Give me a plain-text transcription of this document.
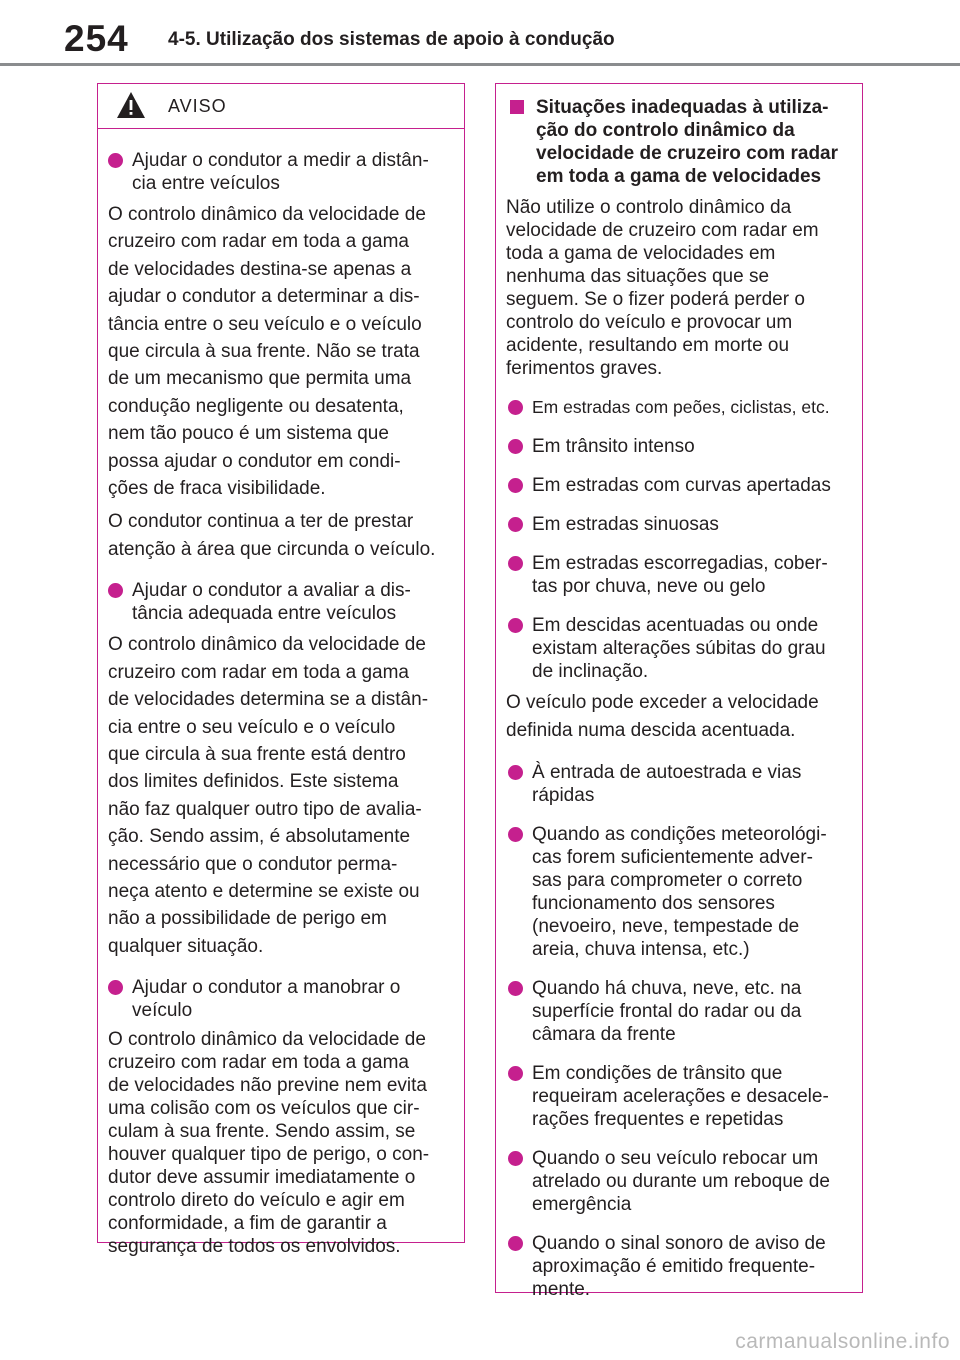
254 4-5. Utilização dos sistemas de apoio à condução
AVISO
Ajudar o condutor a medir a distân-
cia entre veículos
O controlo dinâmico da velocidade de
cruzeiro com radar em toda a gama
de velocidades destina-se apenas a
ajudar o condutor a determinar a dis-
tância entre o seu veículo e o veículo
que circula à sua frente. Não se trata
de um mecanismo que permita uma
condução negligente ou desatenta,
nem tão pouco é um sistema que
possa ajudar o condutor em condi-
ções de fraca visibilidade.
O condutor continua a ter de prestar
atenção à área que circunda o veículo.
Ajudar o condutor a avaliar a dis-
tância adequada entre veículos
O controlo dinâmico da velocidade de
cruzeiro com radar em toda a gama
de velocidades determina se a distân-
cia entre o seu veículo e o veículo
que circula à sua frente está dentro
dos limites definidos. Este sistema
não faz qualquer outro tipo de avalia-
ção. Sendo assim, é absolutamente
necessário que o condutor perma-
neça atento e determine se existe ou
não a possibilidade de perigo em
qualquer situação.
Ajudar o condutor a manobrar o
veículo
O controlo dinâmico da velocidade de
cruzeiro com radar em toda a gama
de velocidades não previne nem evita
uma colisão com os veículos que cir-
culam à sua frente. Sendo assim, se
houver qualquer tipo de perigo, o con-
dutor deve assumir imediatamente o
controlo direto do veículo e agir em
conformidade, a fim de garantir a
segurança de todos os envolvidos.
Situações inadequadas à utiliza-
ção do controlo dinâmico da
velocidade de cruzeiro com radar
em toda a gama de velocidades
Não utilize o controlo dinâmico da
velocidade de cruzeiro com radar em
toda a gama de velocidades em
nenhuma das situações que se
seguem. Se o fizer poderá perder o
controlo do veículo e provocar um
acidente, resultando em morte ou
ferimentos graves.
Em estradas com peões, ciclistas, etc.
Em trânsito intenso
Em estradas com curvas apertadas
Em estradas sinuosas
Em estradas escorregadias, cober-
tas por chuva, neve ou gelo
Em descidas acentuadas ou onde
existam alterações súbitas do grau
de inclinação.
O veículo pode exceder a velocidade
definida numa descida acentuada.
À entrada de autoestrada e vias
rápidas
Quando as condições meteorológi-
cas forem suficientemente adver-
sas para comprometer o correto
funcionamento dos sensores
(nevoeiro, neve, tempestade de
areia, chuva intensa, etc.)
Quando há chuva, neve, etc. na
superfície frontal do radar ou da
câmara da frente
Em condições de trânsito que
requeiram acelerações e desacele-
rações frequentes e repetidas
Quando o seu veículo rebocar um
atrelado ou durante um reboque de
emergência
Quando o sinal sonoro de aviso de
aproximação é emitido frequente-
mente.
carmanualsonline.info
